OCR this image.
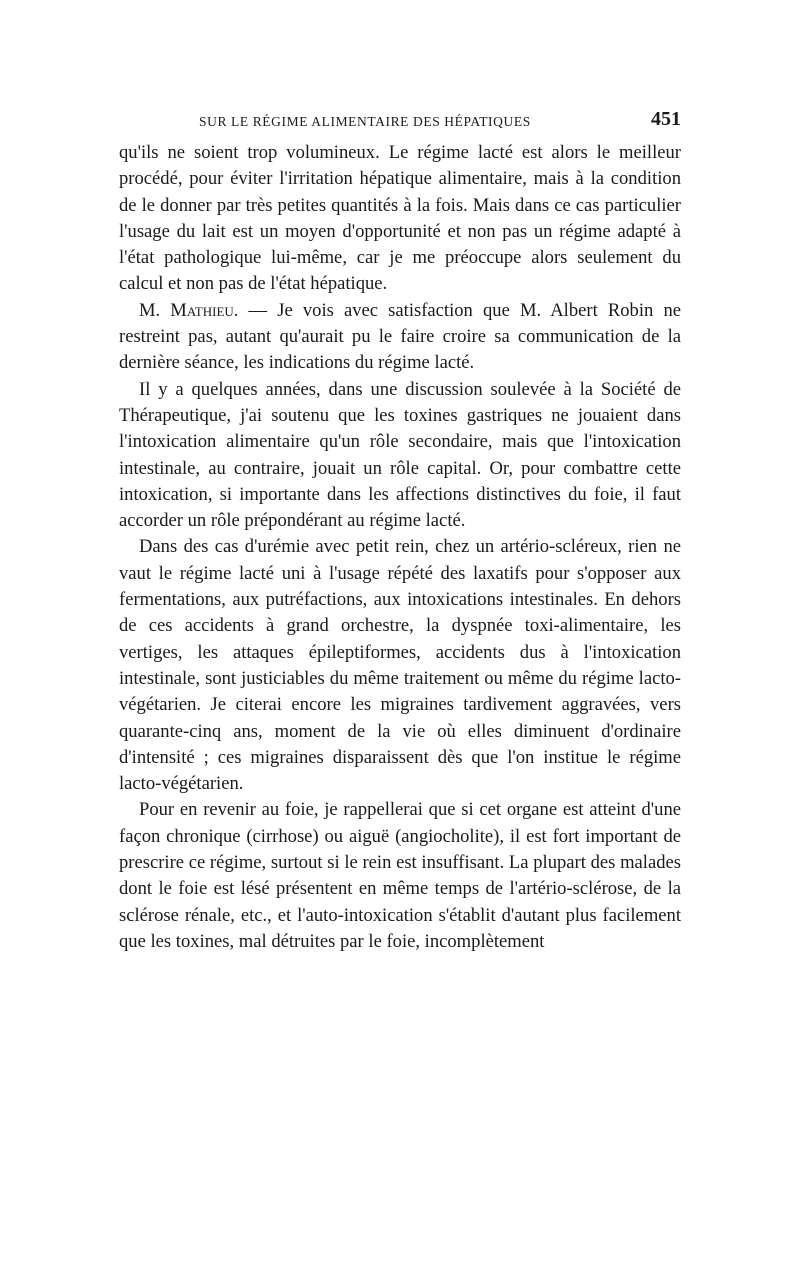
SUR LE RÉGIME ALIMENTAIRE DES HÉPATIQUES	451

qu'ils ne soient trop volumineux. Le régime lacté est alors le meilleur procédé, pour éviter l'irritation hépatique alimentaire, mais à la condition de le donner par très petites quantités à la fois. Mais dans ce cas particulier l'usage du lait est un moyen d'opportunité et non pas un régime adapté à l'état pathologique lui-même, car je me préoccupe alors seulement du calcul et non pas de l'état hépatique.

M. Mathieu. — Je vois avec satisfaction que M. Albert Robin ne restreint pas, autant qu'aurait pu le faire croire sa communication de la dernière séance, les indications du régime lacté.

Il y a quelques années, dans une discussion soulevée à la Société de Thérapeutique, j'ai soutenu que les toxines gastriques ne jouaient dans l'intoxication alimentaire qu'un rôle secondaire, mais que l'intoxication intestinale, au contraire, jouait un rôle capital. Or, pour combattre cette intoxication, si importante dans les affections distinctives du foie, il faut accorder un rôle prépondérant au régime lacté.

Dans des cas d'urémie avec petit rein, chez un artério-scléreux, rien ne vaut le régime lacté uni à l'usage répété des laxatifs pour s'opposer aux fermentations, aux putréfactions, aux intoxications intestinales. En dehors de ces accidents à grand orchestre, la dyspnée toxi-alimentaire, les vertiges, les attaques épileptiformes, accidents dus à l'intoxication intestinale, sont justiciables du même traitement ou même du régime lacto-végétarien. Je citerai encore les migraines tardivement aggravées, vers quarante-cinq ans, moment de la vie où elles diminuent d'ordinaire d'intensité ; ces migraines disparaissent dès que l'on institue le régime lacto-végétarien.

Pour en revenir au foie, je rappellerai que si cet organe est atteint d'une façon chronique (cirrhose) ou aiguë (angiocholite), il est fort important de prescrire ce régime, surtout si le rein est insuffisant. La plupart des malades dont le foie est lésé présentent en même temps de l'artério-sclérose, de la sclérose rénale, etc., et l'auto-intoxication s'établit d'autant plus facilement que les toxines, mal détruites par le foie, incomplètement
